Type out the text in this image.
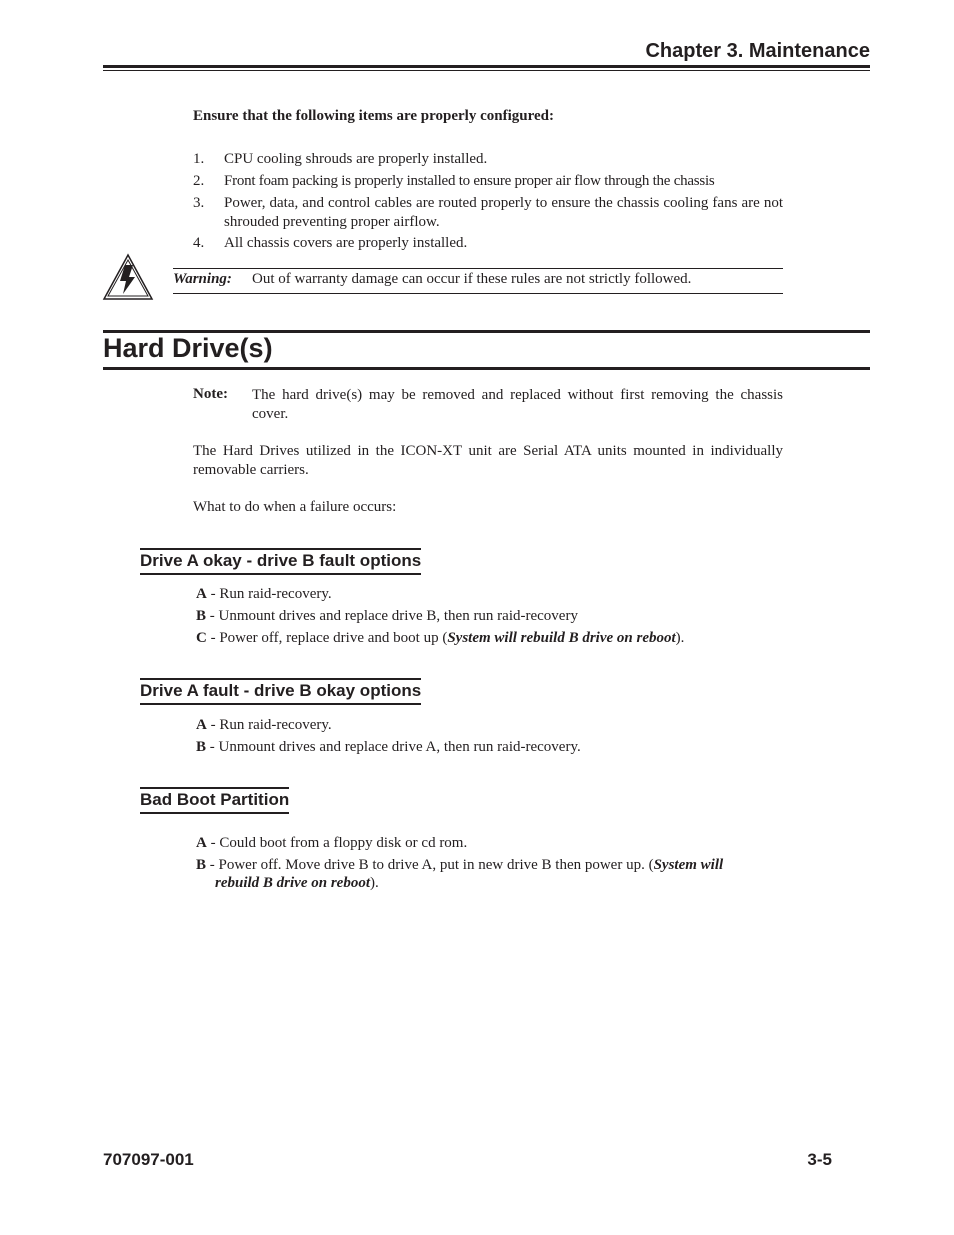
Chapter 3. Maintenance
Ensure that the following items are properly configured:
1.	CPU cooling shrouds are properly installed.
2.	Front foam packing is properly installed to ensure proper air flow through the chassis
3.	Power, data, and control cables are routed properly to ensure the chassis cooling fans are not shrouded preventing proper airflow.
4.	All chassis covers are properly installed.
Warning: Out of warranty damage can occur if these rules are not strictly followed.
Hard Drive(s)
Note: The hard drive(s) may be removed and replaced without first removing the chassis cover.
The Hard Drives utilized in the ICON-XT unit are Serial ATA units mounted in individually removable carriers.
What to do when a failure occurs:
Drive A okay - drive B fault options
A - Run raid-recovery.
B - Unmount drives and replace drive B, then run raid-recovery
C - Power off, replace drive and boot up (System will rebuild B drive on reboot).
Drive A fault - drive B okay options
A - Run raid-recovery.
B - Unmount drives and replace drive A, then run raid-recovery.
Bad Boot Partition
A - Could boot from a floppy disk or cd rom.
B - Power off. Move drive B to drive A, put in new drive B then power up. (System will
rebuild B drive on reboot).
707097-001	3-5
